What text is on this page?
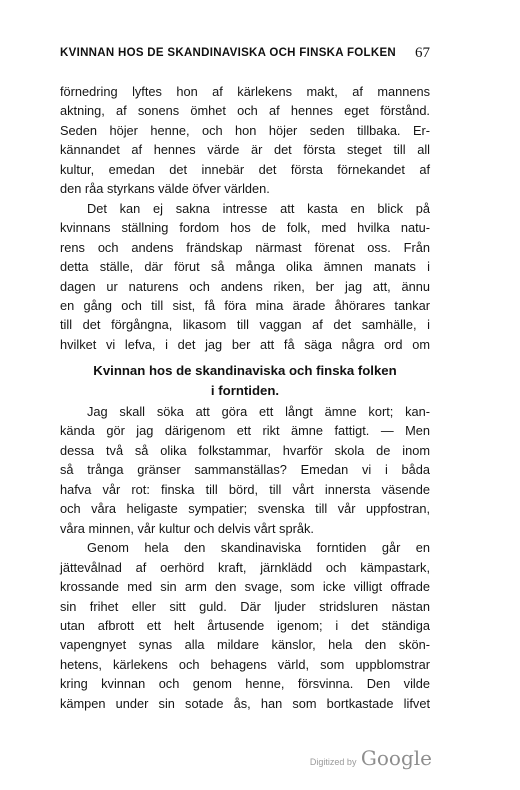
KVINNAN HOS DE SKANDINAVISKA OCH FINSKA FOLKEN 67

förnedring lyftes hon af kärlekens makt, af mannens

aktning, af sonens ömhet och af hennes eget förstånd.

Seden höjer henne, och hon höjer seden tillbaka. Er-

kännandet af hennes värde är det första steget till all

kultur, emedan det innebär det första förnekandet af

den råa styrkans välde öfver världen.

Det kan ej sakna intresse att kasta en blick på

kvinnans ställning fordom hos de folk, med hvilka natu-

rens och andens frändskap närmast förenat oss. Från

detta ställe, där förut så många olika ämnen manats i

dagen ur naturens och andens riken, ber jag att, ännu

en gång och till sist, få föra mina ärade åhörares tankar

till det förgångna, likasom till vaggan af det samhälle, i

hvilket vi lefva, i det jag ber att få säga några ord om

Kvinnan hos de skandinaviska och finska folken
i forntiden.

Jag skall söka att göra ett långt ämne kort; kan-

kända gör jag därigenom ett rikt ämne fattigt. — Men

dessa två så olika folkstammar, hvarför skola de inom

så trånga gränser sammanställas? Emedan vi i båda

hafva vår rot: finska till börd, till vårt innersta väsende

och våra heligaste sympatier; svenska till vår uppfostran,

våra minnen, vår kultur och delvis vårt språk.

Genom hela den skandinaviska forntiden går en

jättevålnad af oerhörd kraft, järnklädd och kämpastark,

krossande med sin arm den svage, som icke villigt offrade

sin frihet eller sitt guld. Där ljuder stridsluren nästan

utan afbrott ett helt årtusende igenom; i det ständiga

vapengnyet synas alla mildare känslor, hela den skön-

hetens, kärlekens och behagens värld, som uppblomstrar

kring kvinnan och genom henne, försvinna. Den vilde

kämpen under sin sotade ås, han som bortkastade lifvet

Digitized by Google
